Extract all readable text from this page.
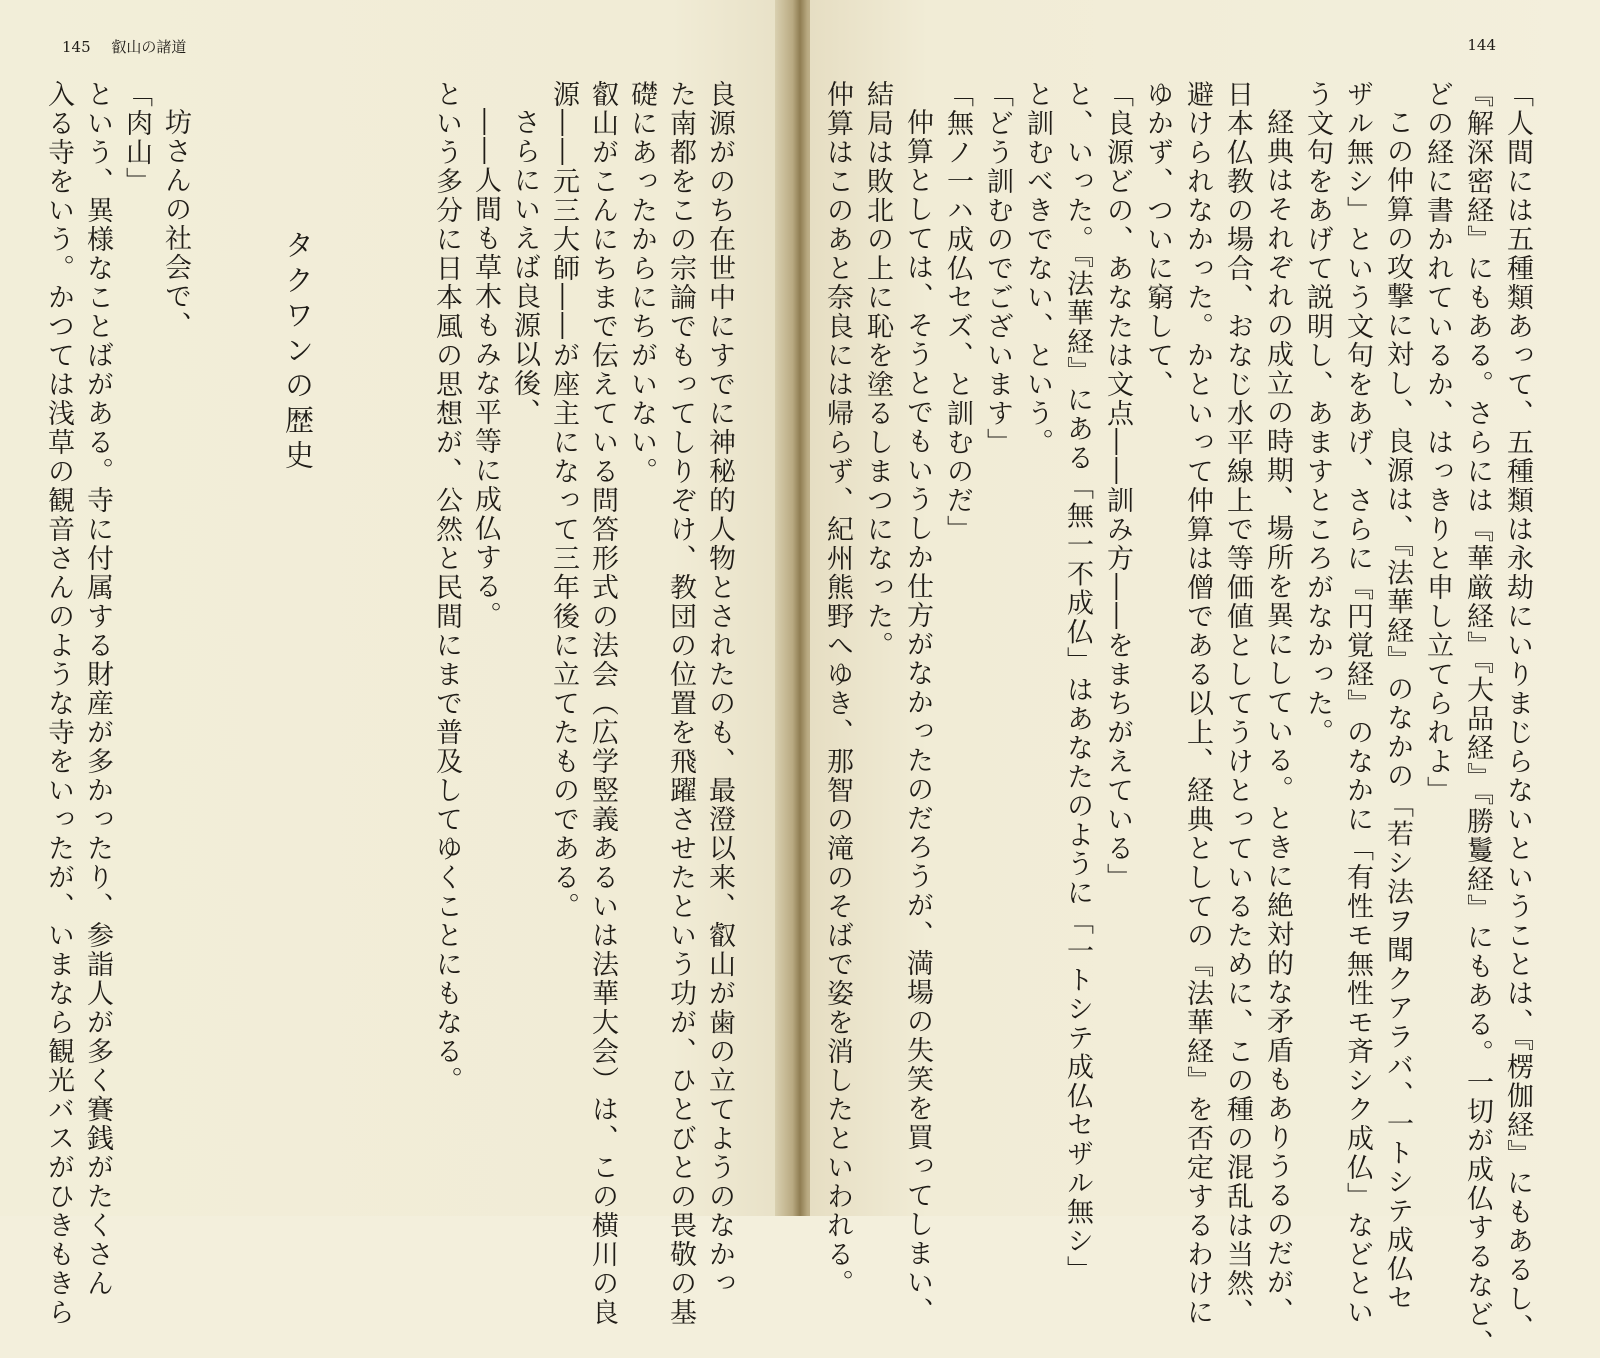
145 叡山の諸道
良源がのち在世中にすでに神秘的人物とされたのも、最澄以来、叡山が歯の立てようのなかっ
た南都をこの宗論でもってしりぞけ、教団の位置を飛躍させたという功が、ひとびとの畏敬の基
礎にあったからにちがいない。
叡山がこんにちまで伝えている問答形式の法会（広学竪義あるいは法華大会）は、この横川の良
源――元三大師――が座主になって三年後に立てたものである。
さらにいえば良源以後、
――人間も草木もみな平等に成仏する。
という多分に日本風の思想が、公然と民間にまで普及してゆくことにもなる。
タクワンの歴史
坊さんの社会で、
「肉山」
という、異様なことばがある。寺に付属する財産が多かったり、参詣人が多く賽銭がたくさん
入る寺をいう。かつては浅草の観音さんのような寺をいったが、いまなら観光バスがひきもきら
144
「人間には五種類あって、五種類は永劫にいりまじらないということは、『楞伽経』にもあるし、
『解深密経』にもある。さらには『華厳経』『大品経』『勝鬘経』にもある。一切が成仏するなど、
どの経に書かれているか、はっきりと申し立てられよ」
この仲算の攻撃に対し、良源は、『法華経』のなかの「若シ法ヲ聞クアラバ、一トシテ成仏セ
ザル無シ」という文句をあげ、さらに『円覚経』のなかに「有性モ無性モ斉シク成仏」などとい
う文句をあげて説明し、あますところがなかった。
経典はそれぞれの成立の時期、場所を異にしている。ときに絶対的な矛盾もありうるのだが、
日本仏教の場合、おなじ水平線上で等価値としてうけとっているために、この種の混乱は当然、
避けられなかった。かといって仲算は僧である以上、経典としての『法華経』を否定するわけに
ゆかず、ついに窮して、
「良源どの、あなたは文点――訓み方――をまちがえている」
と、いった。『法華経』にある「無一不成仏」はあなたのように「一トシテ成仏セザル無シ」
と訓むべきでない、という。
「どう訓むのでございます」
「無ノ一ハ成仏セズ、と訓むのだ」
仲算としては、そうとでもいうしか仕方がなかったのだろうが、満場の失笑を買ってしまい、
結局は敗北の上に恥を塗るしまつになった。
仲算はこのあと奈良には帰らず、紀州熊野へゆき、那智の滝のそばで姿を消したといわれる。
